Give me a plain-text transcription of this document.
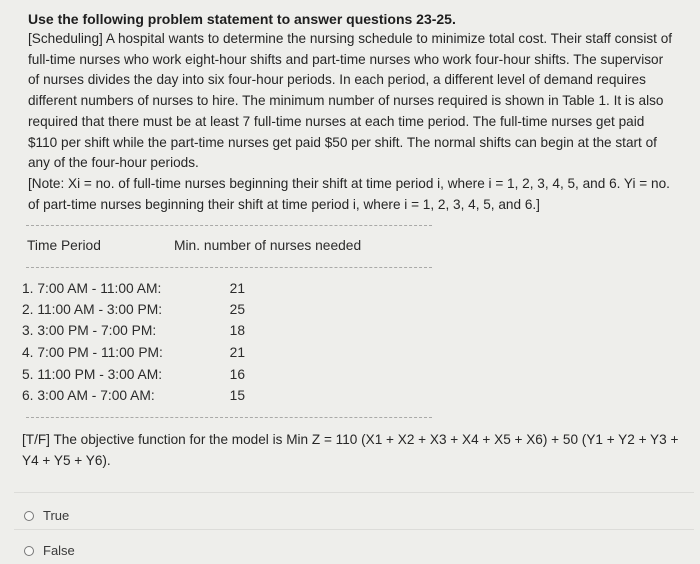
Use the following problem statement to answer questions 23-25.

[Scheduling] A hospital wants to determine the nursing schedule to minimize total cost. Their staff consist of full-time nurses who work eight-hour shifts and part-time nurses who work four-hour shifts. The supervisor of nurses divides the day into six four-hour periods. In each period, a different level of demand requires different numbers of nurses to hire. The minimum number of nurses required is shown in Table 1. It is also required that there must be at least 7 full-time nurses at each time period. The full-time nurses get paid $110 per shift while the part-time nurses get paid $50 per shift. The normal shifts can begin at the start of any of the four-hour periods.

[Note: Xi = no. of full-time nurses beginning their shift at time period i, where i = 1, 2, 3, 4, 5, and 6. Yi = no. of part-time nurses beginning their shift at time period i, where i = 1, 2, 3, 4, 5, and 6.]

Time Period	Min. number of nurses needed
1. 7:00 AM - 11:00 AM:	21
2. 11:00 AM - 3:00 PM:	25
3. 3:00 PM - 7:00 PM:	18
4. 7:00 PM - 11:00 PM:	21
5. 11:00 PM - 3:00 AM:	16
6. 3:00 AM - 7:00 AM:	15
[T/F] The objective function for the model is Min Z = 110 (X1 + X2 + X3 + X4 + X5 + X6) + 50 (Y1 + Y2 + Y3 + Y4 + Y5 + Y6).
True
False
